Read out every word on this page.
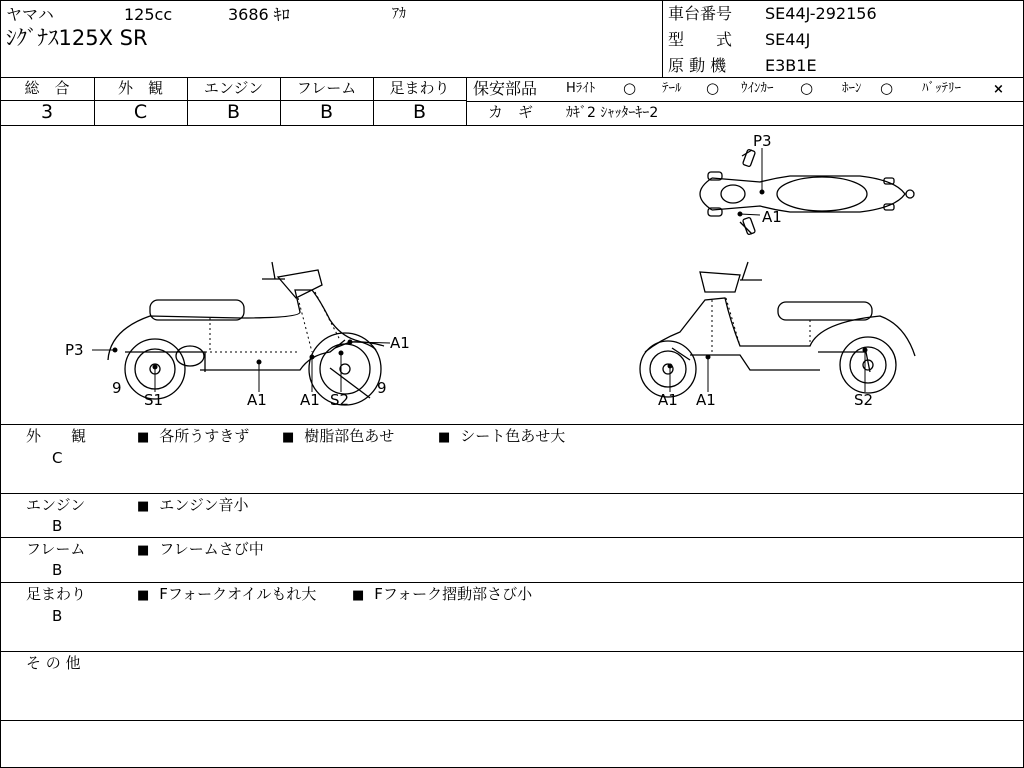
ヤマハ	125cc	3686 ｷﾛ	ｱｶ
ｼｸﾞﾅｽ125X SR
車台番号 SE44J-292156
型　　式 SE44J
原 動 機 E3B1E
総　合	外　観	エンジン	フレーム	足まわり
3	C	B	B	B
保安部品 Hﾗｲﾄ ○ ﾃｰﾙ ○ ｳｲﾝｶｰ ○ ﾎｰﾝ ○ ﾊﾞｯﾃﾘｰ ×
カ　ギ ｶｷﾞ2 ｼｬｯﾀｰｷｰ2
P3
A1
P3
9
S1	A1 A1 S2
A1
9
A1 A1	S2
外　　観
C
■ 各所うすきず	■ 樹脂部色あせ	■ シート色あせ大
エンジン
B
■ エンジン音小
フレーム
B
■ フレームさび中
足まわり
B
■ Fフォークオイルもれ大	■ Fフォーク摺動部さび小
そ の 他
